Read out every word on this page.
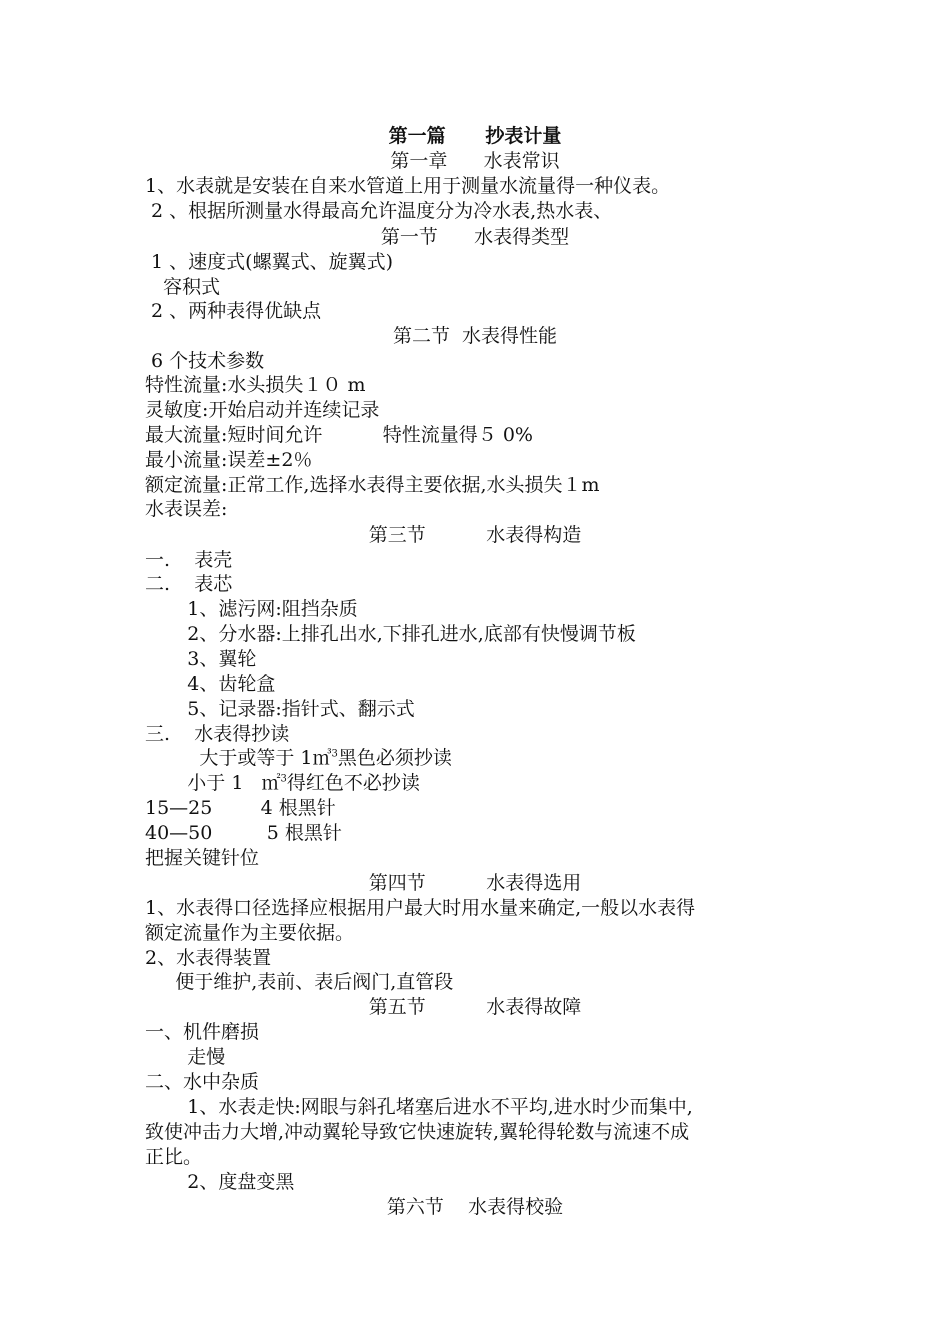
第一篇      抄表计量
第一章      水表常识
1、水表就是安装在自来水管道上用于测量水流量得一种仪表。
2 、根据所测量水得最高允许温度分为冷水表,热水表、
第一节      水表得类型
1 、速度式(螺翼式、旋翼式)
容积式
2 、两种表得优缺点
第二节  水表得性能
6 个技术参数
特性流量:水头损失１０ m
灵敏度:开始启动并连续记录
最大流量:短时间允许          特性流量得５ 0%
最小流量:误差±2％
额定流量:正常工作,选择水表得主要依据,水头损失１m
水表误差:
第三节          水表得构造
一.    表壳
二.    表芯
1、滤污网:阻挡杂质
2、分水器:上排孔出水,下排孔进水,底部有快慢调节板
3、翼轮
4、齿轮盒
5、记录器:指针式、翻示式
三.    水表得抄读
大于或等于 1㎥$^3$黑色必须抄读
小于 1   ㎡$^3$得红色不必抄读
15—25        4 根黑针
40—50         5 根黑针
把握关键针位
第四节          水表得选用
1、水表得口径选择应根据用户最大时用水量来确定,一般以水表得
额定流量作为主要依据。
2、水表得装置
便于维护,表前、表后阀门,直管段
第五节          水表得故障
一、机件磨损
走慢
二、水中杂质
1、水表走快:网眼与斜孔堵塞后进水不平均,进水时少而集中,
致使冲击力大增,冲动翼轮导致它快速旋转,翼轮得轮数与流速不成
正比。
2、度盘变黑
第六节    水表得校验
